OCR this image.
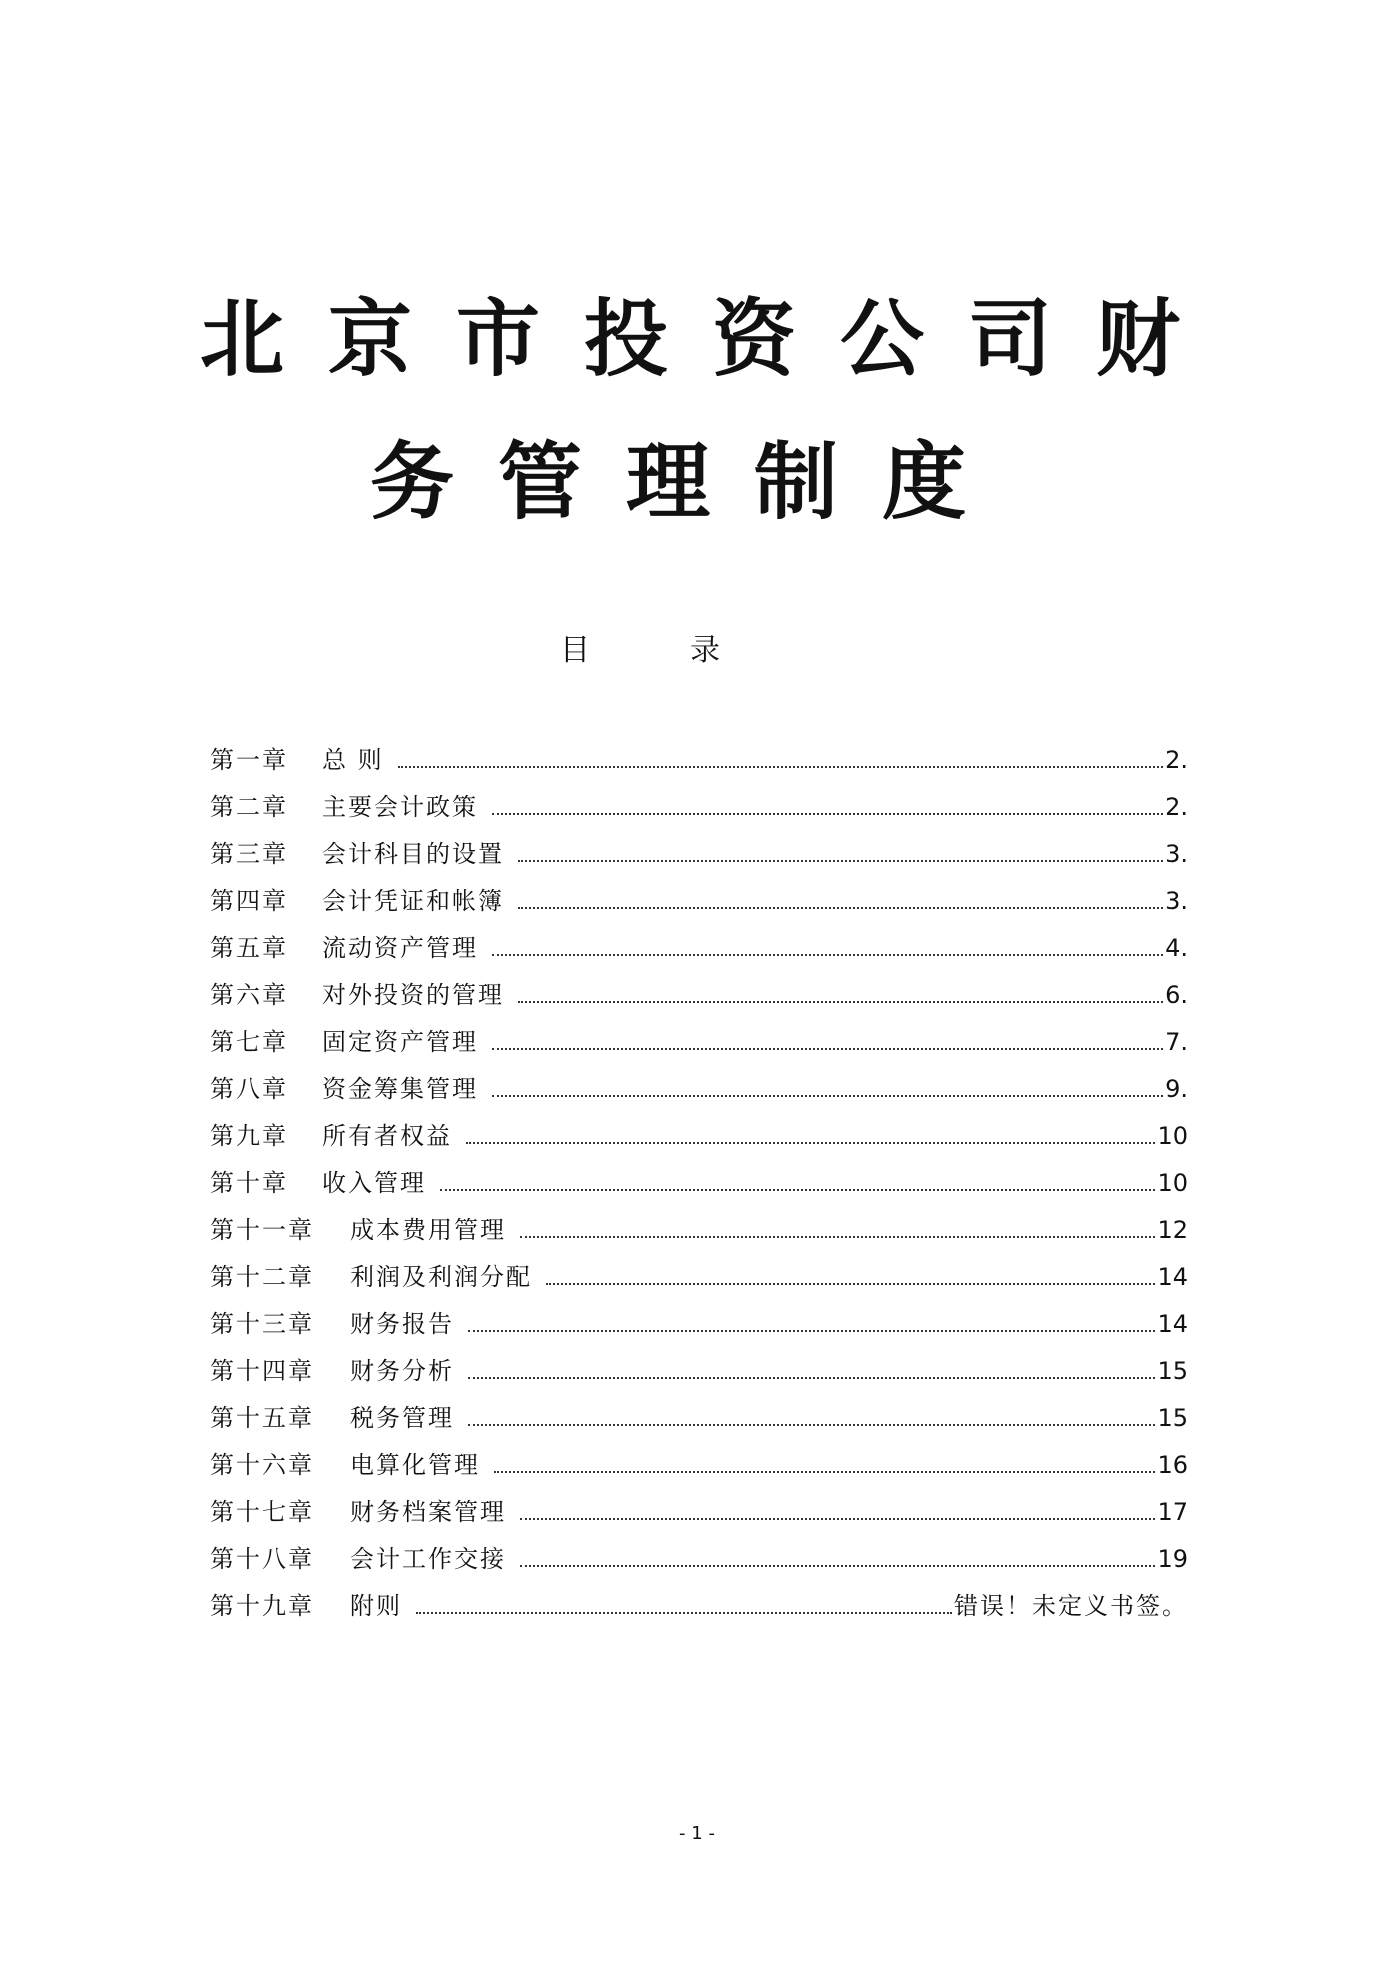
北京市投资公司财
务管理制度
目录
第一章	总 则	2.
第二章	主要会计政策	2.
第三章	会计科目的设置	3.
第四章	会计凭证和帐簿	3.
第五章	流动资产管理	4.
第六章	对外投资的管理	6.
第七章	固定资产管理	7.
第八章	资金筹集管理	9.
第九章	所有者权益	10
第十章	收入管理	10
第十一章	成本费用管理	12
第十二章	利润及利润分配	14
第十三章	财务报告	14
第十四章	财务分析	15
第十五章	税务管理	15
第十六章	电算化管理	16
第十七章	财务档案管理	17
第十八章	会计工作交接	19
第十九章	附则	错误！未定义书签。
- 1 -
